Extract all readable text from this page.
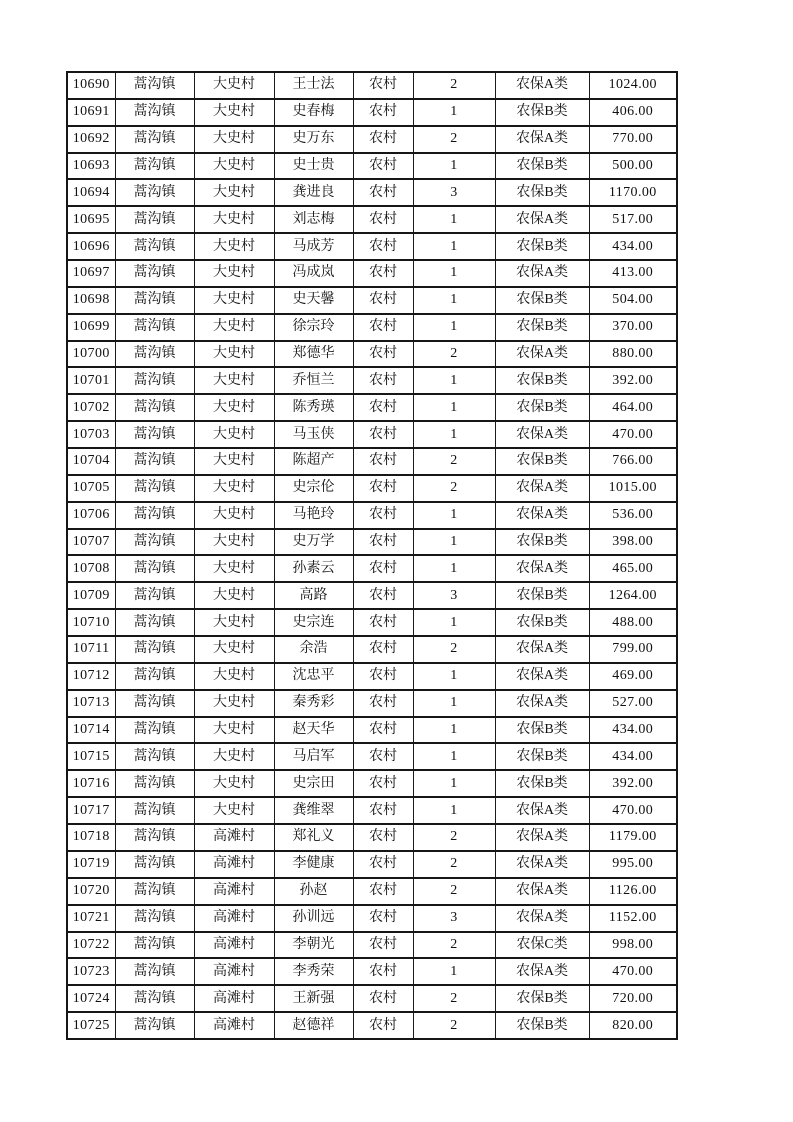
10690	蒿沟镇	大史村	王士法	农村	2	农保A类	1024.00
10691	蒿沟镇	大史村	史春梅	农村	1	农保B类	406.00
10692	蒿沟镇	大史村	史万东	农村	2	农保A类	770.00
10693	蒿沟镇	大史村	史士贵	农村	1	农保B类	500.00
10694	蒿沟镇	大史村	龚进良	农村	3	农保B类	1170.00
10695	蒿沟镇	大史村	刘志梅	农村	1	农保A类	517.00
10696	蒿沟镇	大史村	马成芳	农村	1	农保B类	434.00
10697	蒿沟镇	大史村	冯成岚	农村	1	农保A类	413.00
10698	蒿沟镇	大史村	史天馨	农村	1	农保B类	504.00
10699	蒿沟镇	大史村	徐宗玲	农村	1	农保B类	370.00
10700	蒿沟镇	大史村	郑德华	农村	2	农保A类	880.00
10701	蒿沟镇	大史村	乔恒兰	农村	1	农保B类	392.00
10702	蒿沟镇	大史村	陈秀瑛	农村	1	农保B类	464.00
10703	蒿沟镇	大史村	马玉侠	农村	1	农保A类	470.00
10704	蒿沟镇	大史村	陈超产	农村	2	农保B类	766.00
10705	蒿沟镇	大史村	史宗伦	农村	2	农保A类	1015.00
10706	蒿沟镇	大史村	马艳玲	农村	1	农保A类	536.00
10707	蒿沟镇	大史村	史万学	农村	1	农保B类	398.00
10708	蒿沟镇	大史村	孙素云	农村	1	农保A类	465.00
10709	蒿沟镇	大史村	高路	农村	3	农保B类	1264.00
10710	蒿沟镇	大史村	史宗连	农村	1	农保B类	488.00
10711	蒿沟镇	大史村	余浩	农村	2	农保A类	799.00
10712	蒿沟镇	大史村	沈忠平	农村	1	农保A类	469.00
10713	蒿沟镇	大史村	秦秀彩	农村	1	农保A类	527.00
10714	蒿沟镇	大史村	赵天华	农村	1	农保B类	434.00
10715	蒿沟镇	大史村	马启军	农村	1	农保B类	434.00
10716	蒿沟镇	大史村	史宗田	农村	1	农保B类	392.00
10717	蒿沟镇	大史村	龚维翠	农村	1	农保A类	470.00
10718	蒿沟镇	高滩村	郑礼义	农村	2	农保A类	1179.00
10719	蒿沟镇	高滩村	李健康	农村	2	农保A类	995.00
10720	蒿沟镇	高滩村	孙赵	农村	2	农保A类	1126.00
10721	蒿沟镇	高滩村	孙训远	农村	3	农保A类	1152.00
10722	蒿沟镇	高滩村	李朝光	农村	2	农保C类	998.00
10723	蒿沟镇	高滩村	李秀荣	农村	1	农保A类	470.00
10724	蒿沟镇	高滩村	王新强	农村	2	农保B类	720.00
10725	蒿沟镇	高滩村	赵德祥	农村	2	农保B类	820.00
